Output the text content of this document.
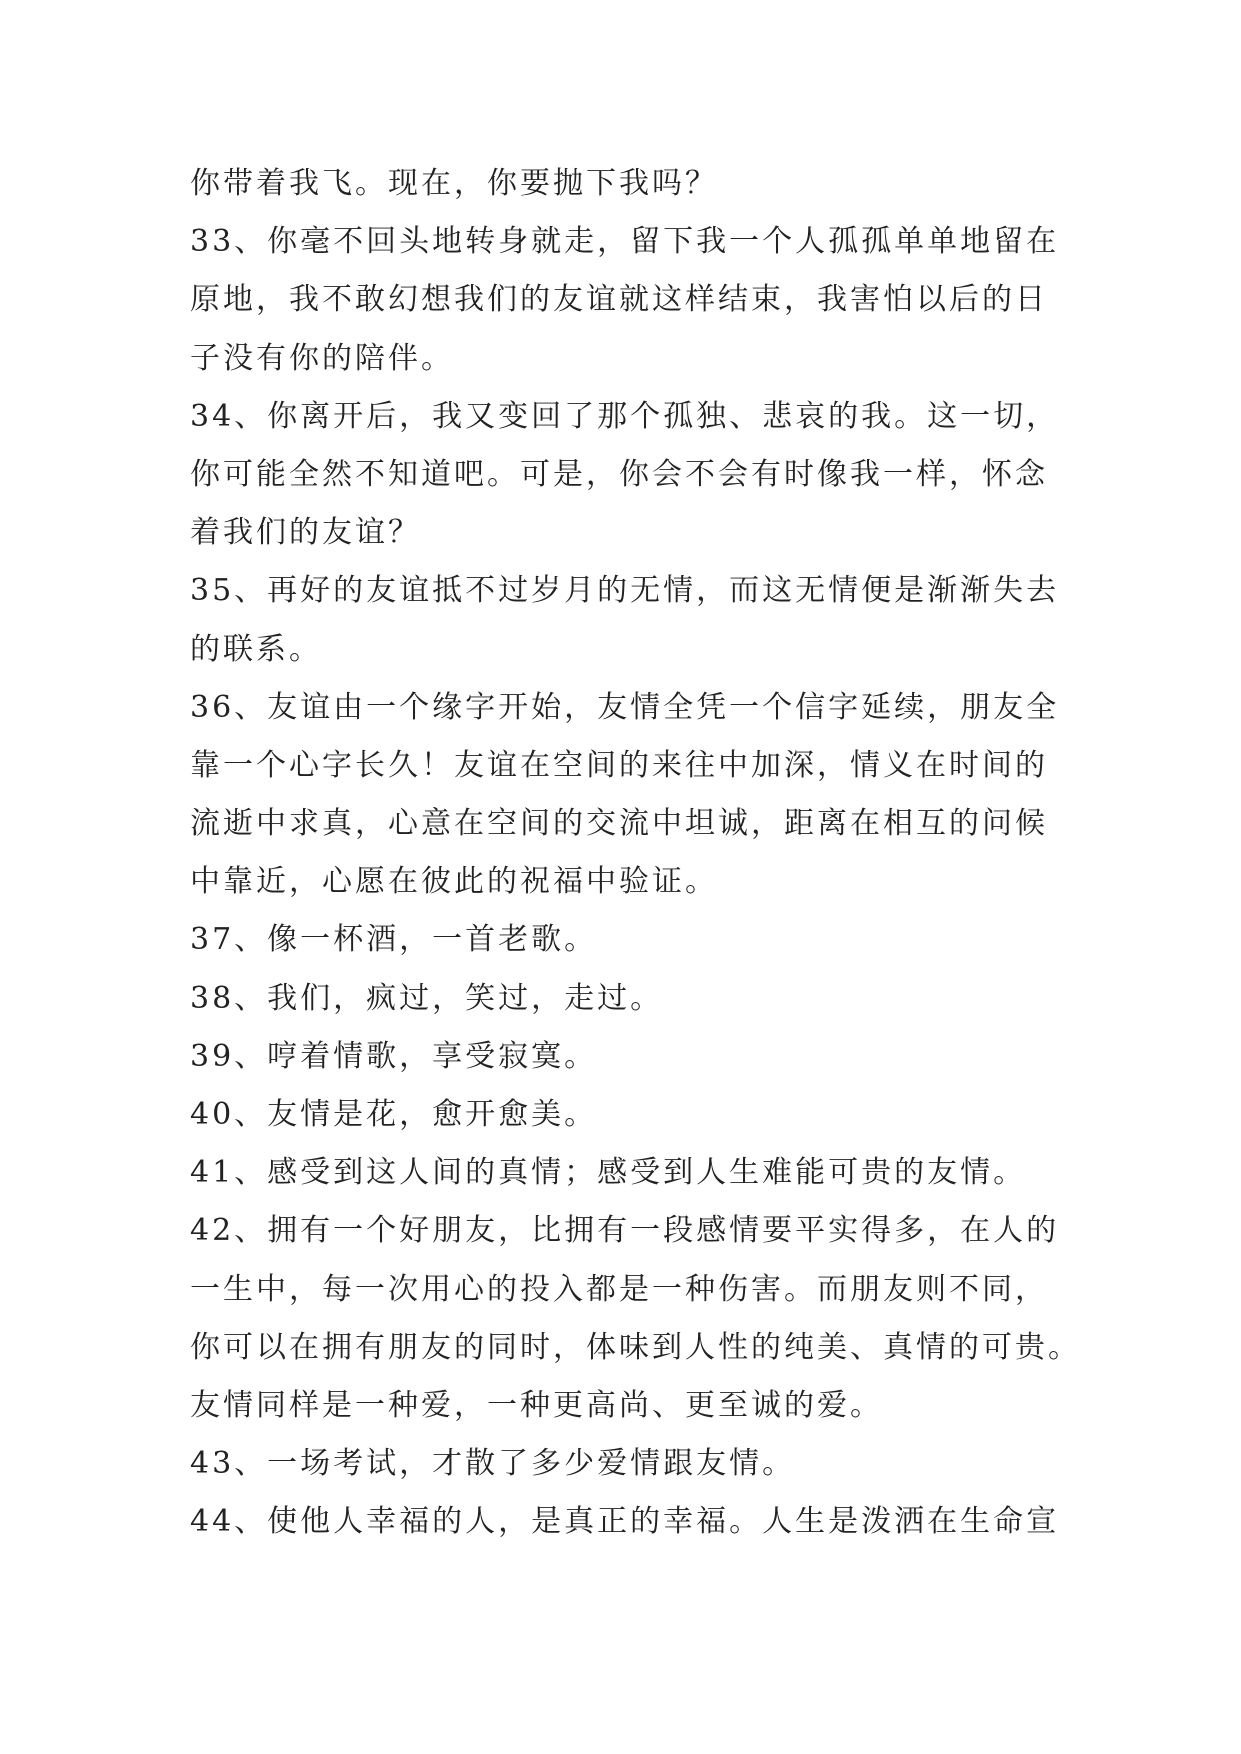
你带着我飞。现在，你要抛下我吗？
33、你毫不回头地转身就走，留下我一个人孤孤单单地留在
原地，我不敢幻想我们的友谊就这样结束，我害怕以后的日
子没有你的陪伴。
34、你离开后，我又变回了那个孤独、悲哀的我。这一切，
你可能全然不知道吧。可是，你会不会有时像我一样，怀念
着我们的友谊？
35、再好的友谊抵不过岁月的无情，而这无情便是渐渐失去
的联系。
36、友谊由一个缘字开始，友情全凭一个信字延续，朋友全
靠一个心字长久！友谊在空间的来往中加深，情义在时间的
流逝中求真，心意在空间的交流中坦诚，距离在相互的问候
中靠近，心愿在彼此的祝福中验证。
37、像一杯酒，一首老歌。
38、我们，疯过，笑过，走过。
39、哼着情歌，享受寂寞。
40、友情是花，愈开愈美。
41、感受到这人间的真情；感受到人生难能可贵的友情。
42、拥有一个好朋友，比拥有一段感情要平实得多，在人的
一生中，每一次用心的投入都是一种伤害。而朋友则不同，
你可以在拥有朋友的同时，体味到人性的纯美、真情的可贵。
友情同样是一种爱，一种更高尚、更至诚的爱。
43、一场考试，才散了多少爱情跟友情。
44、使他人幸福的人，是真正的幸福。人生是泼洒在生命宣
